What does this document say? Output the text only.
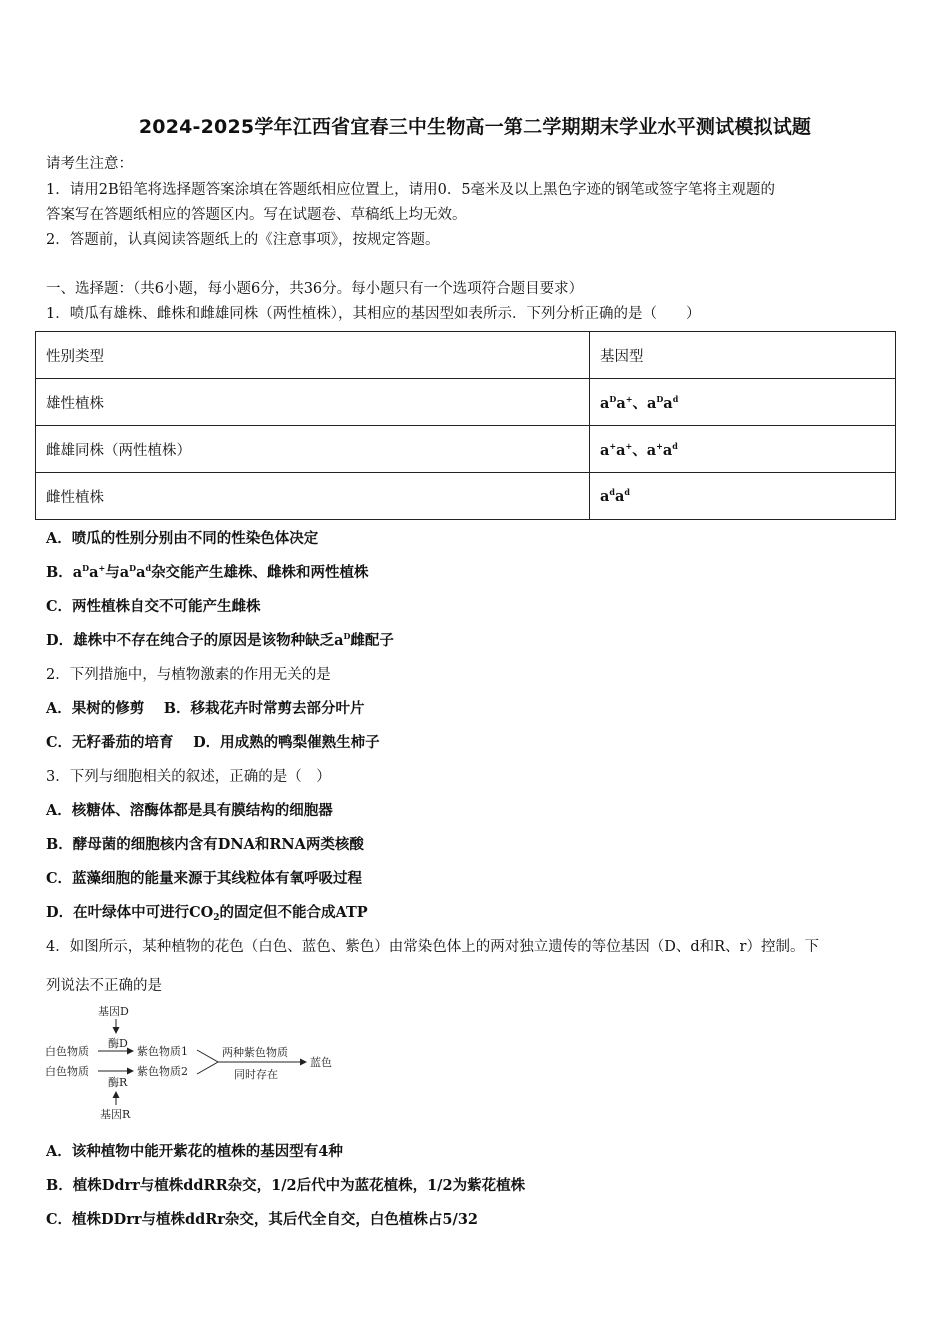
2024-2025学年江西省宜春三中生物高一第二学期期末学业水平测试模拟试题
请考生注意：
1．请用2B铅笔将选择题答案涂填在答题纸相应位置上，请用0．5毫米及以上黑色字迹的钢笔或签字笔将主观题的
答案写在答题纸相应的答题区内。写在试题卷、草稿纸上均无效。
2．答题前，认真阅读答题纸上的《注意事项》，按规定答题。
一、选择题：（共6小题，每小题6分，共36分。每小题只有一个选项符合题目要求）
1．喷瓜有雄株、雌株和雌雄同株（两性植株），其相应的基因型如表所示．下列分析正确的是（　　）
性别类型	基因型
雄性植株	$a^Da^+$、$a^Da^d$
雌雄同株（两性植株）	a+a+、$a^+a^d$
雌性植株	$a^da^d$
A．喷瓜的性别分别由不同的性染色体决定
B．$a^Da^+$与$a^Da^d$杂交能产生雄株、雌株和两性植株
C．两性植株自交不可能产生雌株
D．雄株中不存在纯合子的原因是该物种缺乏$a^D$雌配子
2．下列措施中，与植物激素的作用无关的是
A．果树的修剪　 B．移栽花卉时常剪去部分叶片
C．无籽番茄的培育　 D．用成熟的鸭梨催熟生柿子
3．下列与细胞相关的叙述，正确的是（　）
A．核糖体、溶酶体都是具有膜结构的细胞器
B．酵母菌的细胞核内含有DNA和RNA两类核酸
C．蓝藻细胞的能量来源于其线粒体有氧呼吸过程
D．在叶绿体中可进行$CO_2$的固定但不能合成ATP
4．如图所示，某种植物的花色（白色、蓝色、紫色）由常染色体上的两对独立遗传的等位基因（D、d和R、r）控制。下
列说法不正确的是
基因D
酶D
白色物质	紫色物质1
白色物质	紫色物质2
酶R
基因R
两种紫色物质
同时存在
蓝色
A．该种植物中能开紫花的植株的基因型有4种
B．植株Ddrr与植株ddRR杂交，1/2后代中为蓝花植株，1/2为紫花植株
C．植株DDrr与植株ddRr杂交，其后代全自交，白色植株占5/32
